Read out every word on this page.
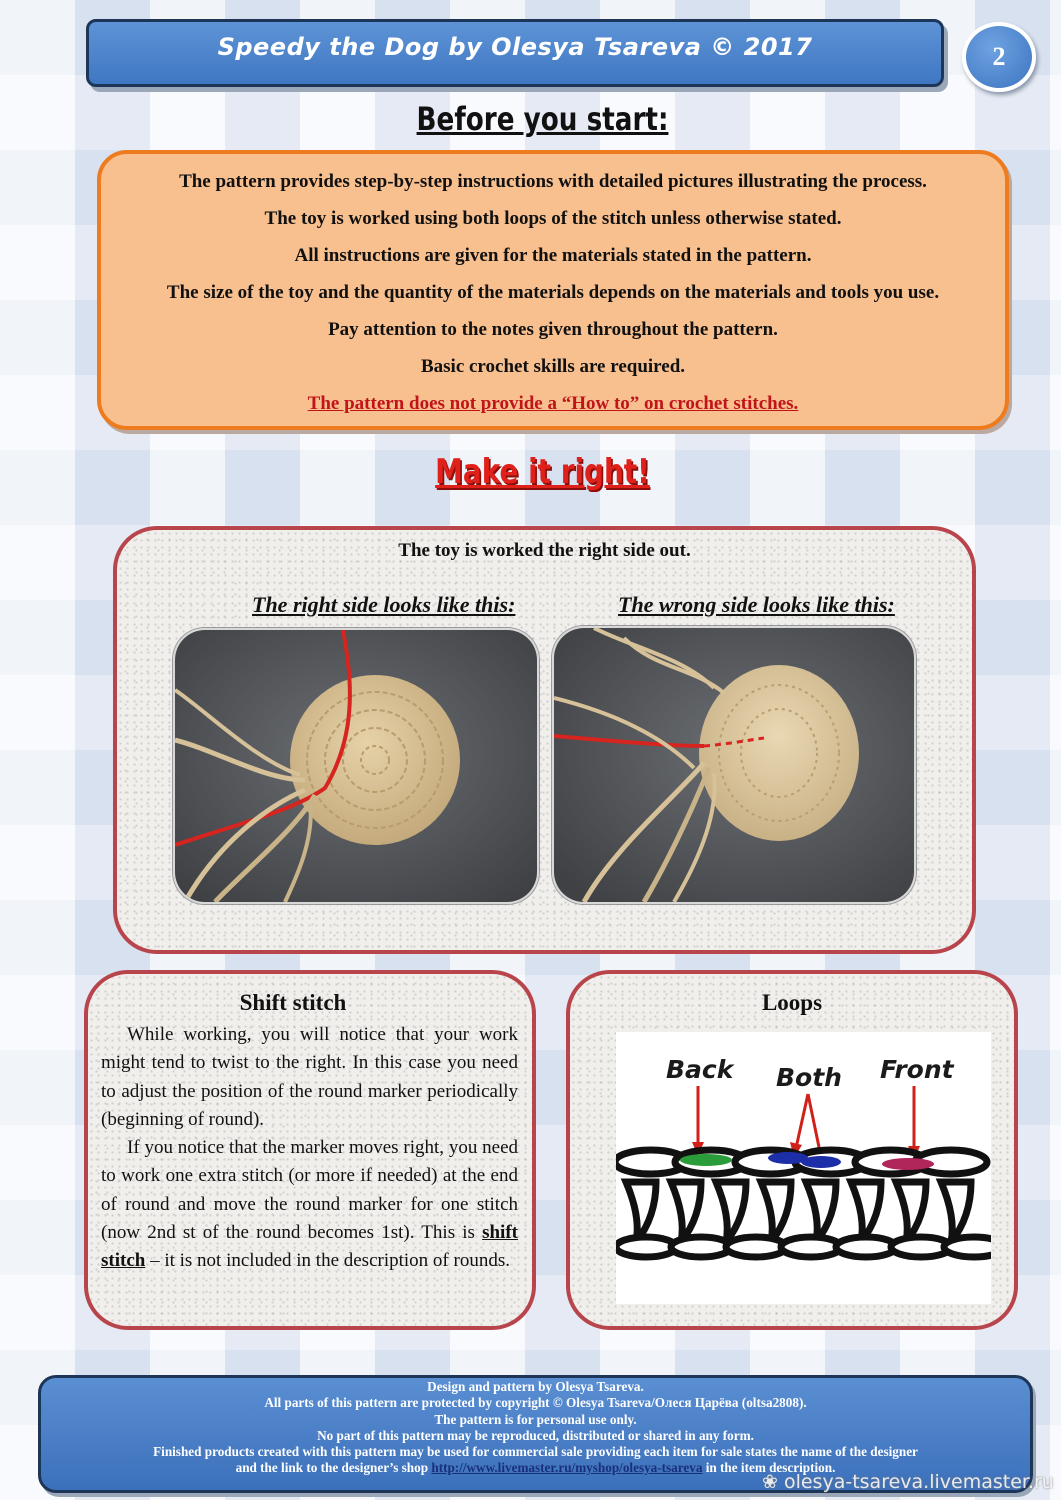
Speedy the Dog by Olesya Tsareva © 2017	2
Before you start:
The pattern provides step-by-step instructions with detailed pictures illustrating the process.
The toy is worked using both loops of the stitch unless otherwise stated.
All instructions are given for the materials stated in the pattern.
The size of the toy and the quantity of the materials depends on the materials and tools you use.
Pay attention to the notes given throughout the pattern.
Basic crochet skills are required.
The pattern does not provide a “How to” on crochet stitches.
Make it right!
The toy is worked the right side out.
The right side looks like this:	The wrong side looks like this:
Shift stitch

While working, you will notice that your work might tend to twist to the right. In this case you need to adjust the position of the round marker periodically (beginning of round).

If you notice that the marker moves right, you need to work one extra stitch (or more if needed) at the end of round and move the round marker for one stitch (now 2nd st of the round becomes 1st). This is shift stitch – it is not included in the description of rounds.

Loops
Back Both Front
Design and pattern by Olesya Tsareva.
All parts of this pattern are protected by copyright © Olesya Tsareva/Олеся Царёва (oltsa2808).
The pattern is for personal use only.
No part of this pattern may be reproduced, distributed or shared in any form.
Finished products created with this pattern may be used for commercial sale providing each item for sale states the name of the designer
and the link to the designer’s shop http://www.livemaster.ru/myshop/olesya-tsareva in the item description.
❀ olesya-tsareva.livemaster.ru
